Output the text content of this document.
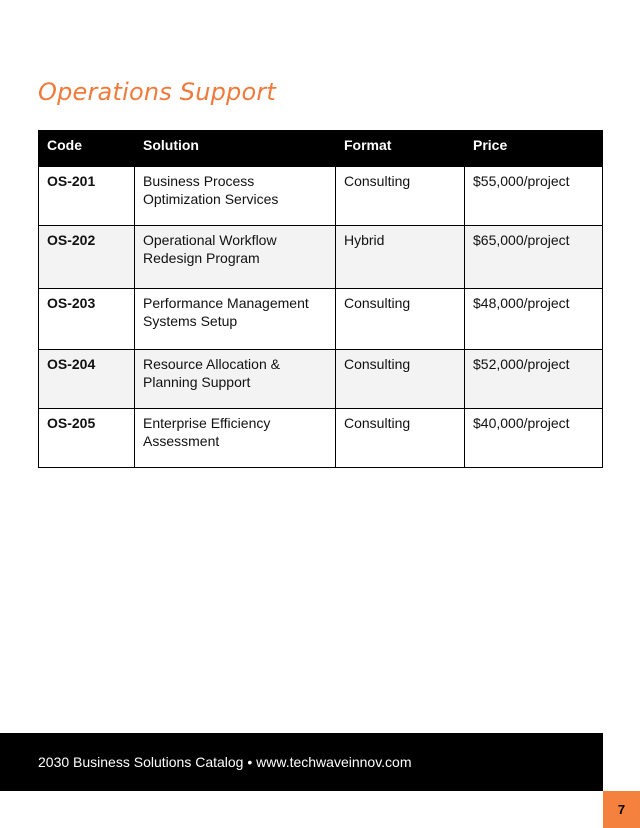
Operations Support
Code	Solution	Format	Price
OS-201	Business Process Optimization Services	Consulting	$55,000/project
OS-202	Operational Workflow Redesign Program	Hybrid	$65,000/project
OS-203	Performance Management Systems Setup	Consulting	$48,000/project
OS-204	Resource Allocation & Planning Support	Consulting	$52,000/project
OS-205	Enterprise Efficiency Assessment	Consulting	$40,000/project
2030 Business Solutions Catalog • www.techwaveinnov.com
7
